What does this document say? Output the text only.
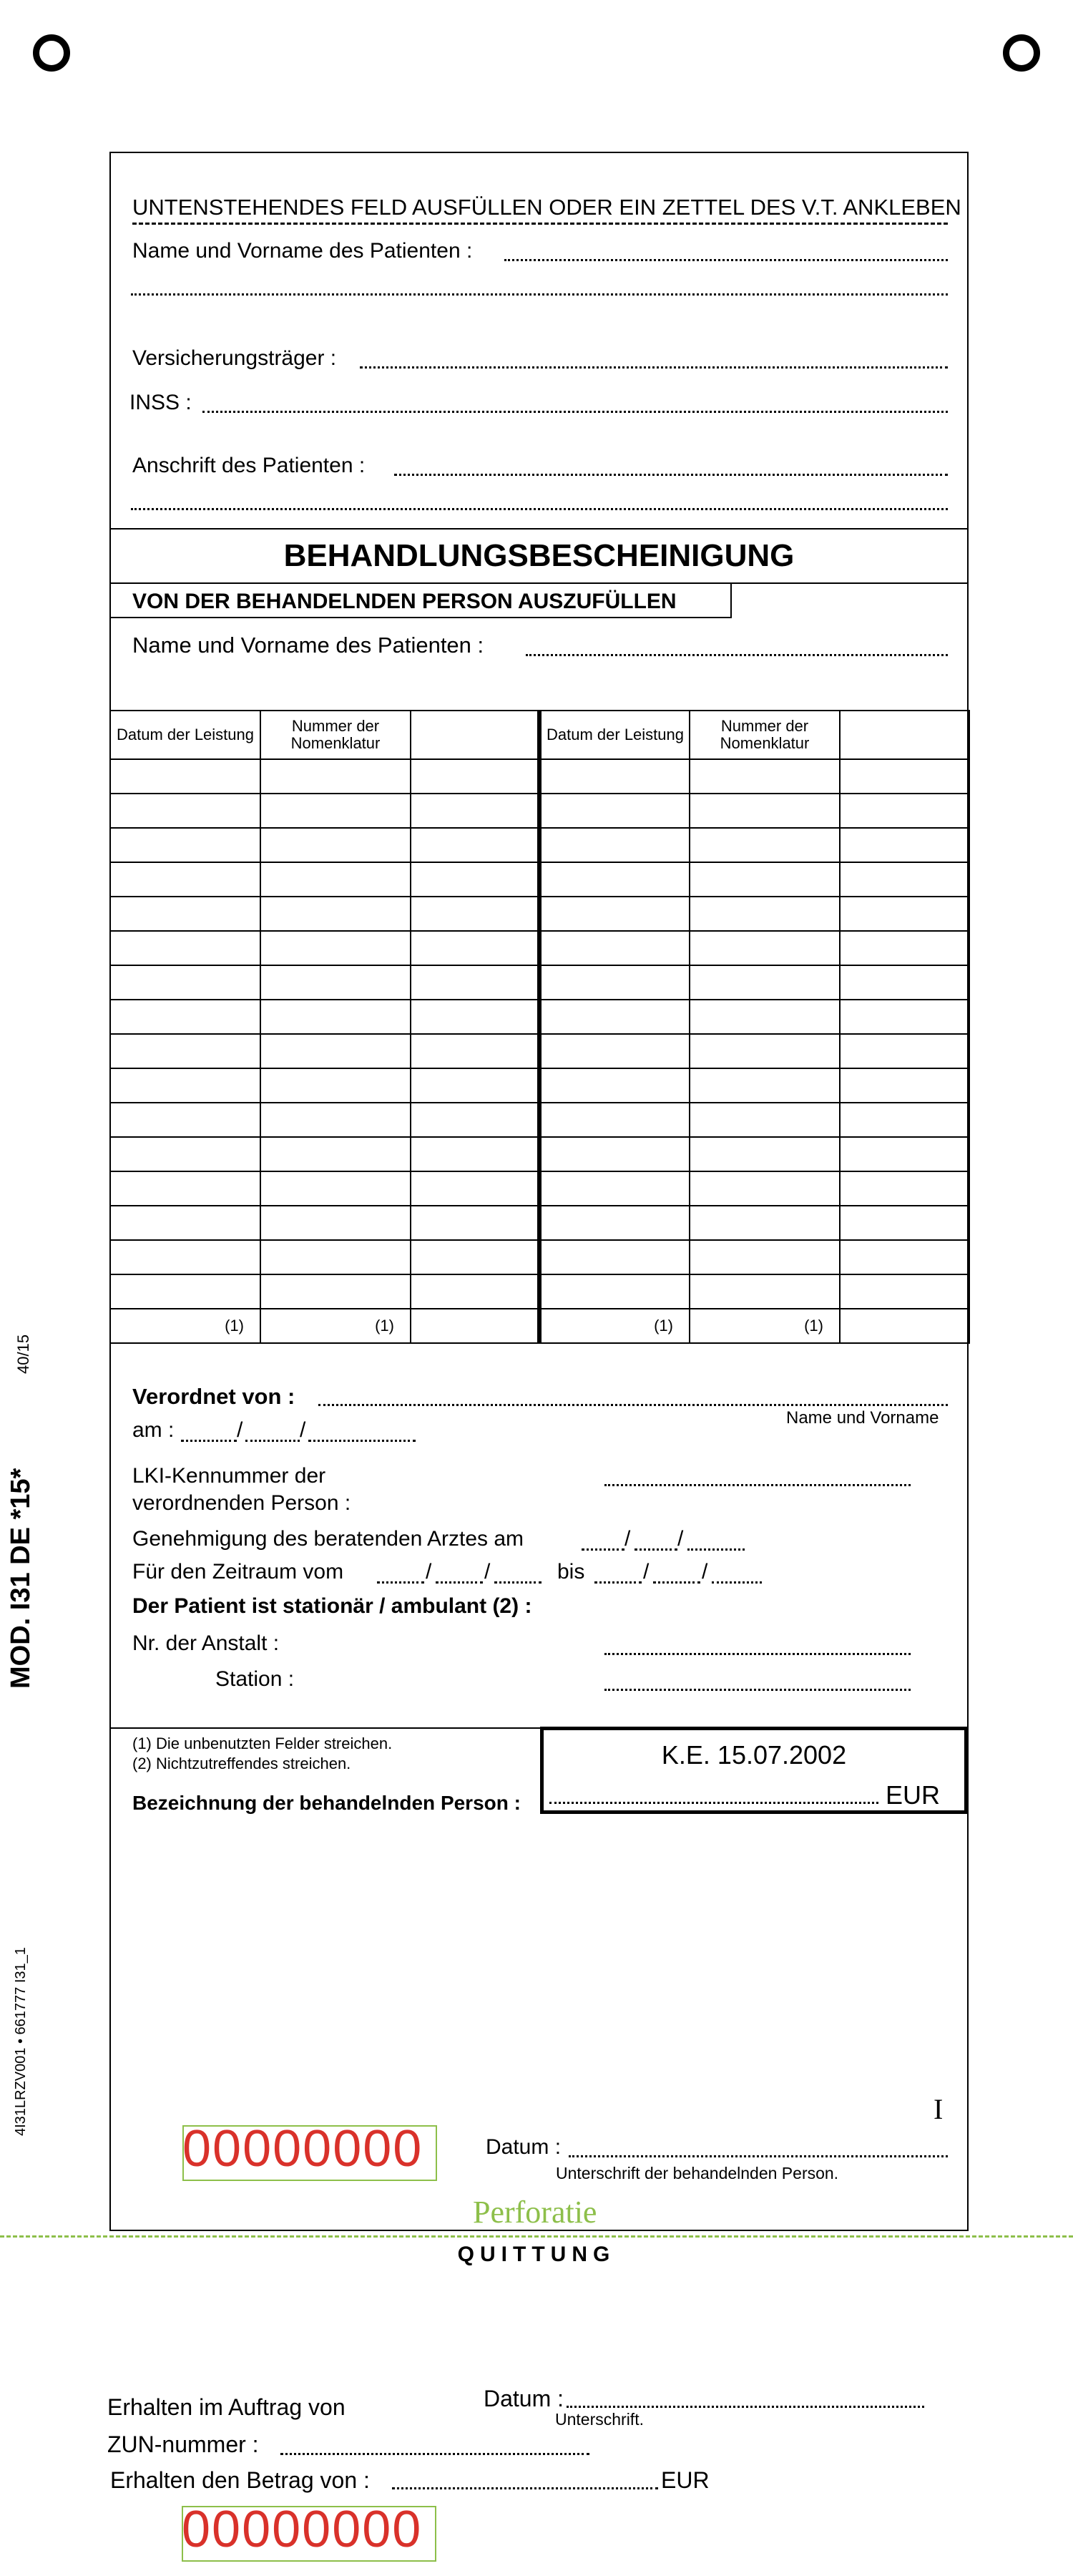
40/15
MOD. I31 DE *15*
4I31LRZV001 • 661777 I31_1
UNTENSTEHENDES FELD AUSFÜLLEN ODER EIN ZETTEL DES V.T. ANKLEBEN
Name und Vorname des Patienten :
Versicherungsträger :
INSS :
Anschrift des Patienten :
BEHANDLUNGSBESCHEINIGUNG
VON DER BEHANDELNDEN PERSON AUSZUFÜLLEN
Name und Vorname des Patienten :
Datum der Leistung	Nummer der Nomenklatur		Datum der Leistung	Nummer der Nomenklatur	

(1)	(1)		(1)	(1)	
Verordnet von :
Name und Vorname
am :	/	/
LKI-Kennummer der
verordnenden Person :
Genehmigung des beratenden Arztes am	/ /
Für den Zeitraum vom	/ /	bis	/ /
Der Patient ist stationär / ambulant (2) :
Nr. der Anstalt :
Station :
(1) Die unbenutzten Felder streichen.
(2) Nichtzutreffendes streichen.
Bezeichnung der behandelnden Person :
I
00000000	Datum :
Unterschrift der behandelnden Person.
Perforatie
K.E. 15.07.2002
EUR
QUITTUNG
Erhalten im Auftrag von	Datum :
Unterschrift.
ZUN-nummer :
Erhalten den Betrag von :	EUR
00000000
